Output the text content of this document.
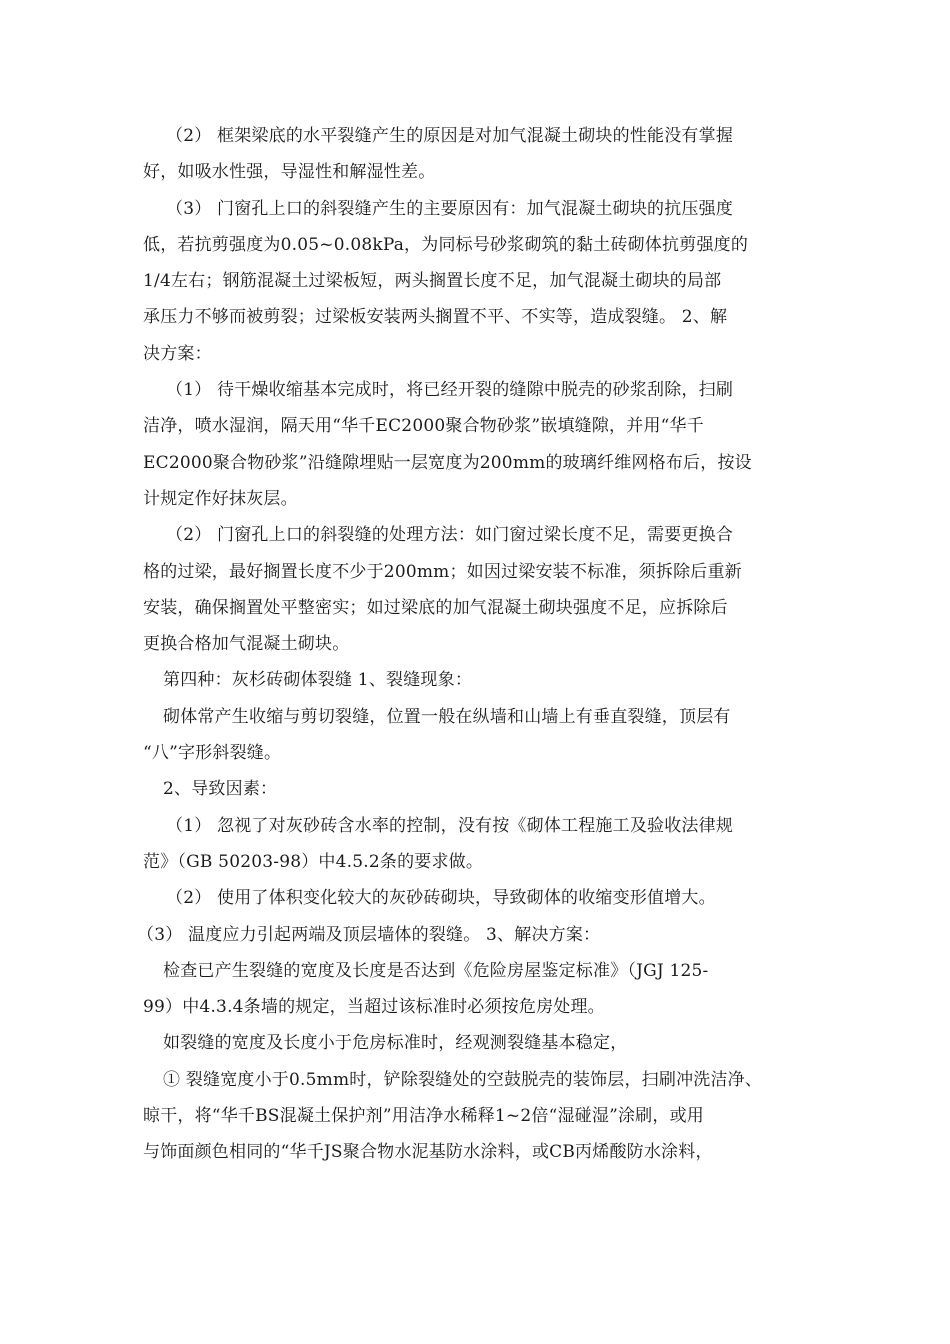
（2） 框架梁底的水平裂缝产生的原因是对加气混凝土砌块的性能没有掌握
好，如吸水性强，导湿性和解湿性差。
（3） 门窗孔上口的斜裂缝产生的主要原因有：加气混凝土砌块的抗压强度
低，若抗剪强度为0.05~0.08kPa，为同标号砂浆砌筑的黏土砖砌体抗剪强度的
1/4左右；钢筋混凝土过梁板短，两头搁置长度不足，加气混凝土砌块的局部
承压力不够而被剪裂；过梁板安装两头搁置不平、不实等，造成裂缝。 2、解
决方案：
（1） 待干燥收缩基本完成时，将已经开裂的缝隙中脱壳的砂浆刮除，扫刷
洁净，喷水湿润，隔天用“华千EC2000聚合物砂浆”嵌填缝隙，并用“华千
EC2000聚合物砂浆”沿缝隙埋贴一层宽度为200mm的玻璃纤维网格布后，按设
计规定作好抹灰层。
（2） 门窗孔上口的斜裂缝的处理方法：如门窗过梁长度不足，需要更换合
格的过梁，最好搁置长度不少于200mm；如因过梁安装不标准，须拆除后重新
安装，确保搁置处平整密实；如过梁底的加气混凝土砌块强度不足，应拆除后
更换合格加气混凝土砌块。
第四种：灰杉砖砌体裂缝 1、裂缝现象：
砌体常产生收缩与剪切裂缝，位置一般在纵墙和山墙上有垂直裂缝，顶层有
“八”字形斜裂缝。
2、导致因素：
（1） 忽视了对灰砂砖含水率的控制，没有按《砌体工程施工及验收法律规
范》（GB 50203-98）中4.5.2条的要求做。
（2） 使用了体积变化较大的灰砂砖砌块，导致砌体的收缩变形值增大。
（3） 温度应力引起两端及顶层墙体的裂缝。 3、解决方案：
检查已产生裂缝的宽度及长度是否达到《危险房屋鉴定标准》（JGJ 125-
99）中4.3.4条墙的规定，当超过该标准时必须按危房处理。
如裂缝的宽度及长度小于危房标准时，经观测裂缝基本稳定，
① 裂缝宽度小于0.5mm时，铲除裂缝处的空鼓脱壳的装饰层，扫刷冲洗洁净、
晾干，将“华千BS混凝土保护剂”用洁净水稀释1~2倍“湿碰湿”涂刷，或用
与饰面颜色相同的“华千JS聚合物水泥基防水涂料，或CB丙烯酸防水涂料，
